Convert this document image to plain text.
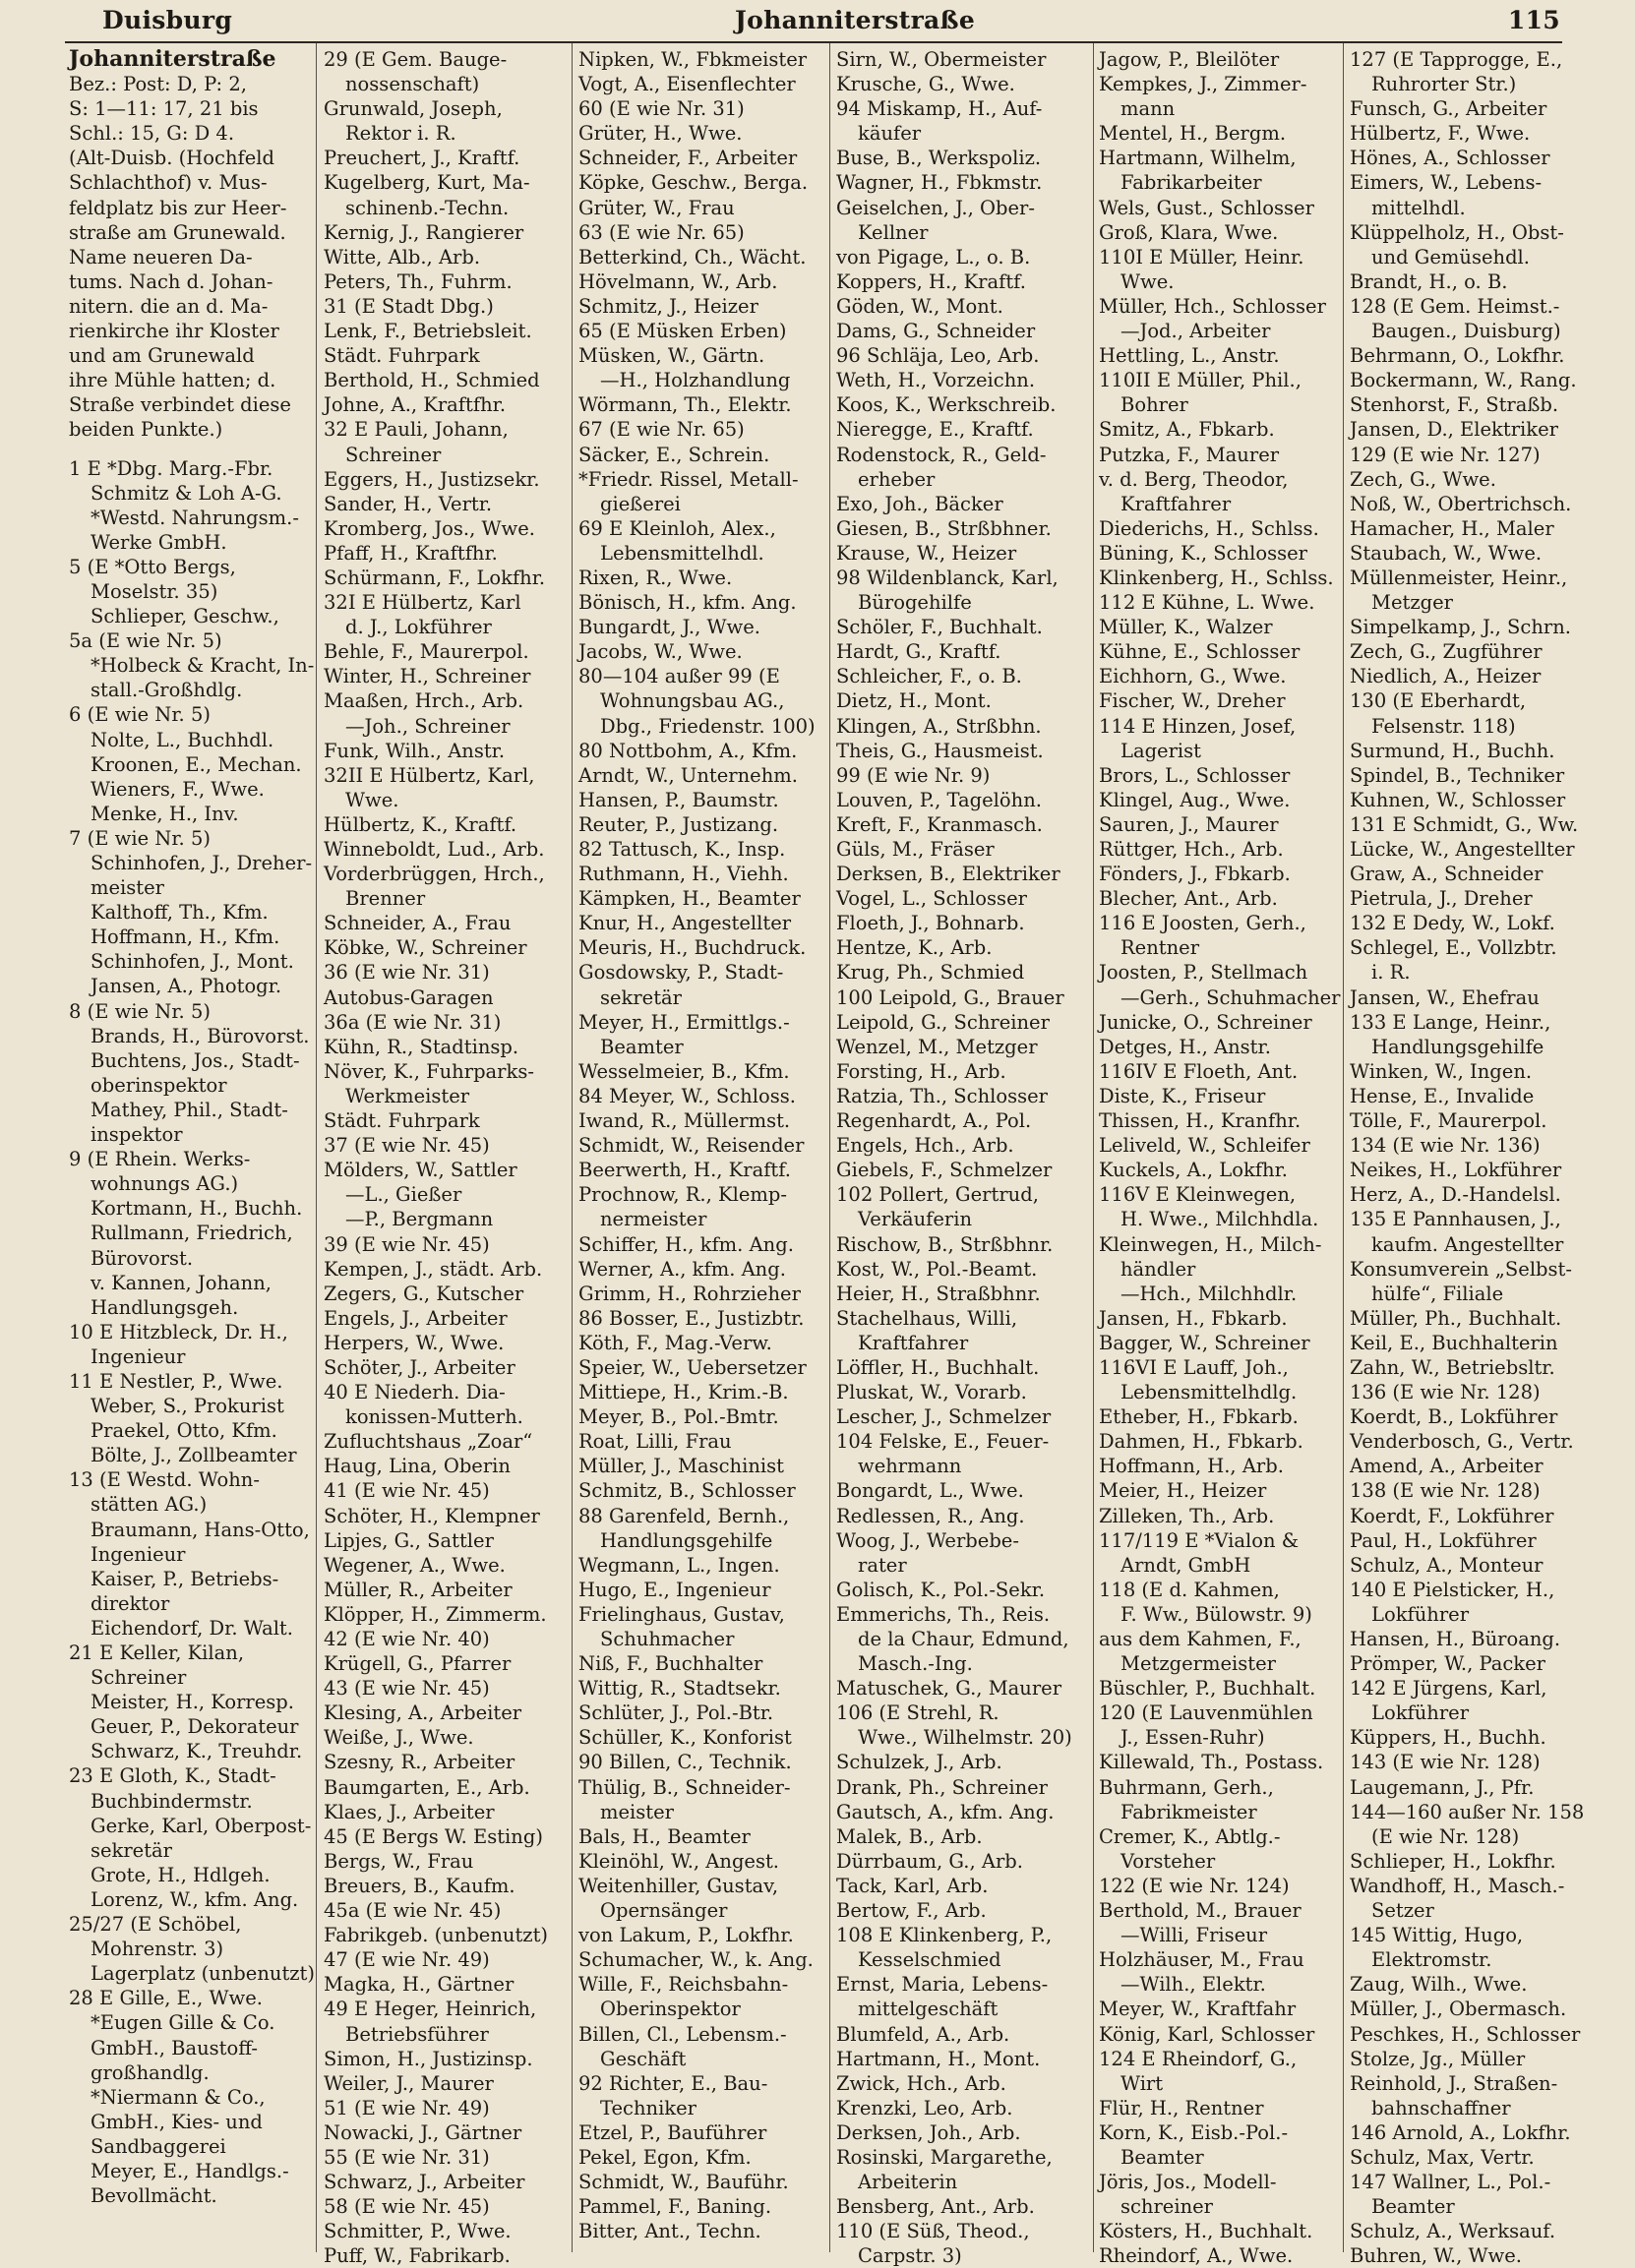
Duisburg	Johanniterstraße	115
Johanniterstraße
Bez.: Post: D, P: 2,
S: 1—11: 17, 21 bis
Schl.: 15, G: D 4.
(Alt-Duisb. (Hochfeld
Schlachthof) v. Mus-
feldplatz bis zur Heer-
straße am Grunewald.
Name neueren Da-
tums. Nach d. Johan-
nitern. die an d. Ma-
rienkirche ihr Kloster
und am Grunewald
ihre Mühle hatten; d.
Straße verbindet diese
beiden Punkte.)
1 E *Dbg. Marg.-Fbr.
Schmitz & Loh A-G.
*Westd. Nahrungsm.-
Werke GmbH.
5 (E *Otto Bergs,
Moselstr. 35)
Schlieper, Geschw.,
5a (E wie Nr. 5)
*Holbeck & Kracht, In-
stall.-Großhdlg.
6 (E wie Nr. 5)
Nolte, L., Buchhdl.
Kroonen, E., Mechan.
Wieners, F., Wwe.
Menke, H., Inv.
7 (E wie Nr. 5)
Schinhofen, J., Dreher-
meister
Kalthoff, Th., Kfm.
Hoffmann, H., Kfm.
Schinhofen, J., Mont.
Jansen, A., Photogr.
8 (E wie Nr. 5)
Brands, H., Bürovorst.
Buchtens, Jos., Stadt-
oberinspektor
Mathey, Phil., Stadt-
inspektor
9 (E Rhein. Werks-
wohnungs AG.)
Kortmann, H., Buchh.
Rullmann, Friedrich,
Bürovorst.
v. Kannen, Johann,
Handlungsgeh.
10 E Hitzbleck, Dr. H.,
Ingenieur
11 E Nestler, P., Wwe.
Weber, S., Prokurist
Praekel, Otto, Kfm.
Bölte, J., Zollbeamter
13 (E Westd. Wohn-
stätten AG.)
Braumann, Hans-Otto,
Ingenieur
Kaiser, P., Betriebs-
direktor
Eichendorf, Dr. Walt.
21 E Keller, Kilan,
Schreiner
Meister, H., Korresp.
Geuer, P., Dekorateur
Schwarz, K., Treuhdr.
23 E Gloth, K., Stadt-
Buchbindermstr.
Gerke, Karl, Oberpost-
sekretär
Grote, H., Hdlgeh.
Lorenz, W., kfm. Ang.
25/27 (E Schöbel,
Mohrenstr. 3)
Lagerplatz (unbenutzt)
28 E Gille, E., Wwe.
*Eugen Gille & Co.
GmbH., Baustoff-
großhandlg.
*Niermann & Co.,
GmbH., Kies- und
Sandbaggerei
Meyer, E., Handlgs.-
Bevollmächt.
29 (E Gem. Bauge-
nossenschaft)
Grunwald, Joseph,
Rektor i. R.
Preuchert, J., Kraftf.
Kugelberg, Kurt, Ma-
schinenb.-Techn.
Kernig, J., Rangierer
Witte, Alb., Arb.
Peters, Th., Fuhrm.
31 (E Stadt Dbg.)
Lenk, F., Betriebsleit.
Städt. Fuhrpark
Berthold, H., Schmied
Johne, A., Kraftfhr.
32 E Pauli, Johann,
Schreiner
Eggers, H., Justizsekr.
Sander, H., Vertr.
Kromberg, Jos., Wwe.
Pfaff, H., Kraftfhr.
Schürmann, F., Lokfhr.
32I E Hülbertz, Karl
d. J., Lokführer
Behle, F., Maurerpol.
Winter, H., Schreiner
Maaßen, Hrch., Arb.
—Joh., Schreiner
Funk, Wilh., Anstr.
32II E Hülbertz, Karl,
Wwe.
Hülbertz, K., Kraftf.
Winneboldt, Lud., Arb.
Vorderbrüggen, Hrch.,
Brenner
Schneider, A., Frau
Köbke, W., Schreiner
36 (E wie Nr. 31)
Autobus-Garagen
36a (E wie Nr. 31)
Kühn, R., Stadtinsp.
Növer, K., Fuhrparks-
Werkmeister
Städt. Fuhrpark
37 (E wie Nr. 45)
Mölders, W., Sattler
—L., Gießer
—P., Bergmann
39 (E wie Nr. 45)
Kempen, J., städt. Arb.
Zegers, G., Kutscher
Engels, J., Arbeiter
Herpers, W., Wwe.
Schöter, J., Arbeiter
40 E Niederh. Dia-
konissen-Mutterh.
Zufluchtshaus „Zoar“
Haug, Lina, Oberin
41 (E wie Nr. 45)
Schöter, H., Klempner
Lipjes, G., Sattler
Wegener, A., Wwe.
Müller, R., Arbeiter
Klöpper, H., Zimmerm.
42 (E wie Nr. 40)
Krügell, G., Pfarrer
43 (E wie Nr. 45)
Klesing, A., Arbeiter
Weiße, J., Wwe.
Szesny, R., Arbeiter
Baumgarten, E., Arb.
Klaes, J., Arbeiter
45 (E Bergs W. Esting)
Bergs, W., Frau
Breuers, B., Kaufm.
45a (E wie Nr. 45)
Fabrikgeb. (unbenutzt)
47 (E wie Nr. 49)
Magka, H., Gärtner
49 E Heger, Heinrich,
Betriebsführer
Simon, H., Justizinsp.
Weiler, J., Maurer
51 (E wie Nr. 49)
Nowacki, J., Gärtner
55 (E wie Nr. 31)
Schwarz, J., Arbeiter
58 (E wie Nr. 45)
Schmitter, P., Wwe.
Puff, W., Fabrikarb.
Nipken, W., Fbkmeister
Vogt, A., Eisenflechter
60 (E wie Nr. 31)
Grüter, H., Wwe.
Schneider, F., Arbeiter
Köpke, Geschw., Bergа.
Grüter, W., Frau
63 (E wie Nr. 65)
Betterkind, Ch., Wächt.
Hövelmann, W., Arb.
Schmitz, J., Heizer
65 (E Müsken Erben)
Müsken, W., Gärtn.
—H., Holzhandlung
Wörmann, Th., Elektr.
67 (E wie Nr. 65)
Säcker, E., Schrein.
*Friedr. Rissel, Metall-
gießerei
69 E Kleinloh, Alex.,
Lebensmittelhdl.
Rixen, R., Wwe.
Bönisch, H., kfm. Ang.
Bungardt, J., Wwe.
Jacobs, W., Wwe.
80—104 außer 99 (E
Wohnungsbau AG.,
Dbg., Friedenstr. 100)
80 Nottbohm, A., Kfm.
Arndt, W., Unternehm.
Hansen, P., Baumstr.
Reuter, P., Justizang.
82 Tattusch, K., Insp.
Ruthmann, H., Viehh.
Kämpken, H., Beamter
Knur, H., Angestellter
Meuris, H., Buchdruck.
Gosdowsky, P., Stadt-
sekretär
Meyer, H., Ermittlgs.-
Beamter
Wesselmeier, B., Kfm.
84 Meyer, W., Schloss.
Iwand, R., Müllermst.
Schmidt, W., Reisender
Beerwerth, H., Kraftf.
Prochnow, R., Klemp-
nermeister
Schiffer, H., kfm. Ang.
Werner, A., kfm. Ang.
Grimm, H., Rohrzieher
86 Bosser, E., Justizbtr.
Köth, F., Mag.-Verw.
Speier, W., Uebersetzer
Mittiepe, H., Krim.-B.
Meyer, B., Pol.-Bmtr.
Roat, Lilli, Frau
Müller, J., Maschinist
Schmitz, B., Schlosser
88 Garenfeld, Bernh.,
Handlungsgehilfe
Wegmann, L., Ingen.
Hugo, E., Ingenieur
Frielinghaus, Gustav,
Schuhmacher
Niß, F., Buchhalter
Wittig, R., Stadtsekr.
Schlüter, J., Pol.-Btr.
Schüller, K., Konforist
90 Billen, C., Technik.
Thülig, B., Schneider-
meister
Bals, H., Beamter
Kleinöhl, W., Angest.
Weitenhiller, Gustav,
Opernsänger
von Lakum, P., Lokfhr.
Schumacher, W., k. Ang.
Wille, F., Reichsbahn-
Oberinspektor
Billen, Cl., Lebensm.-
Geschäft
92 Richter, E., Bau-
Techniker
Etzel, P., Bauführer
Pekel, Egon, Kfm.
Schmidt, W., Bauführ.
Pammel, F., Baning.
Bitter, Ant., Techn.
Sirn, W., Obermeister
Krusche, G., Wwe.
94 Miskamp, H., Auf-
käufer
Buse, B., Werkspoliz.
Wagner, H., Fbkmstr.
Geiselchen, J., Ober-
Kellner
von Pigage, L., o. B.
Koppers, H., Kraftf.
Göden, W., Mont.
Dams, G., Schneider
96 Schläja, Leo, Arb.
Weth, H., Vorzeichn.
Koos, K., Werkschreib.
Nieregge, E., Kraftf.
Rodenstock, R., Geld-
erheber
Exo, Joh., Bäcker
Giesen, B., Strßbhner.
Krause, W., Heizer
98 Wildenblanck, Karl,
Bürogehilfe
Schöler, F., Buchhalt.
Hardt, G., Kraftf.
Schleicher, F., o. B.
Dietz, H., Mont.
Klingen, A., Strßbhn.
Theis, G., Hausmeist.
99 (E wie Nr. 9)
Louven, P., Tagelöhn.
Kreft, F., Kranmasch.
Güls, M., Fräser
Derksen, B., Elektriker
Vogel, L., Schlosser
Floeth, J., Bohnarb.
Hentze, K., Arb.
Krug, Ph., Schmied
100 Leipold, G., Brauer
Leipold, G., Schreiner
Wenzel, M., Metzger
Forsting, H., Arb.
Ratzia, Th., Schlosser
Regenhardt, A., Pol.
Engels, Hch., Arb.
Giebels, F., Schmelzer
102 Pollert, Gertrud,
Verkäuferin
Rischow, B., Strßbhnr.
Kost, W., Pol.-Beamt.
Heier, H., Straßbhnr.
Stachelhaus, Willi,
Kraftfahrer
Löffler, H., Buchhalt.
Pluskat, W., Vorarb.
Lescher, J., Schmelzer
104 Felske, E., Feuer-
wehrmann
Bongardt, L., Wwe.
Redlessen, R., Ang.
Woog, J., Werbebe-
rater
Golisch, K., Pol.-Sekr.
Emmerichs, Th., Reis.
de la Chaur, Edmund,
Masch.-Ing.
Matuschek, G., Maurer
106 (E Strehl, R.
Wwe., Wilhelmstr. 20)
Schulzek, J., Arb.
Drank, Ph., Schreiner
Gautsch, A., kfm. Ang.
Malek, B., Arb.
Dürrbaum, G., Arb.
Tack, Karl, Arb.
Bertow, F., Arb.
108 E Klinkenberg, P.,
Kesselschmied
Ernst, Maria, Lebens-
mittelgeschäft
Blumfeld, A., Arb.
Hartmann, H., Mont.
Zwick, Hch., Arb.
Krenzki, Leo, Arb.
Derksen, Joh., Arb.
Rosinski, Margarethe,
Arbeiterin
Bensberg, Ant., Arb.
110 (E Süß, Theod.,
Carpstr. 3)
Jagow, P., Bleilöter
Kempkes, J., Zimmer-
mann
Mentel, H., Bergm.
Hartmann, Wilhelm,
Fabrikarbeiter
Wels, Gust., Schlosser
Groß, Klara, Wwe.
110I E Müller, Heinr.
Wwe.
Müller, Hch., Schlosser
—Jod., Arbeiter
Hettling, L., Anstr.
110II E Müller, Phil.,
Bohrer
Smitz, A., Fbkarb.
Putzka, F., Maurer
v. d. Berg, Theodor,
Kraftfahrer
Diederichs, H., Schlss.
Büning, K., Schlosser
Klinkenberg, H., Schlss.
112 E Kühne, L. Wwe.
Müller, K., Walzer
Kühne, E., Schlosser
Eichhorn, G., Wwe.
Fischer, W., Dreher
114 E Hinzen, Josef,
Lagerist
Brors, L., Schlosser
Klingel, Aug., Wwe.
Sauren, J., Maurer
Rüttger, Hch., Arb.
Fönders, J., Fbkarb.
Blecher, Ant., Arb.
116 E Joosten, Gerh.,
Rentner
Joosten, P., Stellmach
—Gerh., Schuhmacher
Junicke, O., Schreiner
Detges, H., Anstr.
116IV E Floeth, Ant.
Diste, K., Friseur
Thissen, H., Kranfhr.
Leliveld, W., Schleifer
Kuckels, A., Lokfhr.
116V E Kleinwegen,
H. Wwe., Milchhdla.
Kleinwegen, H., Milch-
händler
—Hch., Milchhdlr.
Jansen, H., Fbkarb.
Bagger, W., Schreiner
116VI E Lauff, Joh.,
Lebensmittelhdlg.
Etheber, H., Fbkarb.
Dahmen, H., Fbkarb.
Hoffmann, H., Arb.
Meier, H., Heizer
Zilleken, Th., Arb.
117/119 E *Vialon &
Arndt, GmbH
118 (E d. Kahmen,
F. Ww., Bülowstr. 9)
aus dem Kahmen, F.,
Metzgermeister
Büschler, P., Buchhalt.
120 (E Lauvenmühlen
J., Essen-Ruhr)
Killewald, Th., Postass.
Buhrmann, Gerh.,
Fabrikmeister
Cremer, K., Abtlg.-
Vorsteher
122 (E wie Nr. 124)
Berthold, M., Brauer
—Willi, Friseur
Holzhäuser, M., Frau
—Wilh., Elektr.
Meyer, W., Kraftfahr
König, Karl, Schlosser
124 E Rheindorf, G.,
Wirt
Flür, H., Rentner
Korn, K., Eisb.-Pol.-
Beamter
Jöris, Jos., Modell-
schreiner
Kösters, H., Buchhalt.
Rheindorf, A., Wwe.
127 (E Tapprogge, E.,
Ruhrorter Str.)
Funsch, G., Arbeiter
Hülbertz, F., Wwe.
Hönes, A., Schlosser
Eimers, W., Lebens-
mittelhdl.
Klüppelholz, H., Obst-
und Gemüsehdl.
Brandt, H., o. B.
128 (E Gem. Heimst.-
Baugen., Duisburg)
Behrmann, O., Lokfhr.
Bockermann, W., Rang.
Stenhorst, F., Straßb.
Jansen, D., Elektriker
129 (E wie Nr. 127)
Zech, G., Wwe.
Noß, W., Obertrichsch.
Hamacher, H., Maler
Staubach, W., Wwe.
Müllenmeister, Heinr.,
Metzger
Simpelkamp, J., Schrn.
Zech, G., Zugführer
Niedlich, A., Heizer
130 (E Eberhardt,
Felsenstr. 118)
Surmund, H., Buchh.
Spindel, B., Techniker
Kuhnen, W., Schlosser
131 E Schmidt, G., Ww.
Lücke, W., Angestellter
Graw, A., Schneider
Pietrula, J., Dreher
132 E Dedy, W., Lokf.
Schlegel, E., Vollzbtr.
i. R.
Jansen, W., Ehefrau
133 E Lange, Heinr.,
Handlungsgehilfe
Winken, W., Ingen.
Hense, E., Invalide
Tölle, F., Maurerpol.
134 (E wie Nr. 136)
Neikes, H., Lokführer
Herz, A., D.-Handelsl.
135 E Pannhausen, J.,
kaufm. Angestellter
Konsumverein „Selbst-
hülfe“, Filiale
Müller, Ph., Buchhalt.
Keil, E., Buchhalterin
Zahn, W., Betriebsltr.
136 (E wie Nr. 128)
Koerdt, B., Lokführer
Venderbosch, G., Vertr.
Amend, A., Arbeiter
138 (E wie Nr. 128)
Koerdt, F., Lokführer
Paul, H., Lokführer
Schulz, A., Monteur
140 E Pielsticker, H.,
Lokführer
Hansen, H., Büroang.
Prömper, W., Packer
142 E Jürgens, Karl,
Lokführer
Küppers, H., Buchh.
143 (E wie Nr. 128)
Laugemann, J., Pfr.
144—160 außer Nr. 158
(E wie Nr. 128)
Schlieper, H., Lokfhr.
Wandhoff, H., Masch.-
Setzer
145 Wittig, Hugo,
Elektromstr.
Zaug, Wilh., Wwe.
Müller, J., Obermasch.
Peschkes, H., Schlosser
Stolze, Jg., Müller
Reinhold, J., Straßen-
bahnschaffner
146 Arnold, A., Lokfhr.
Schulz, Max, Vertr.
147 Wallner, L., Pol.-
Beamter
Schulz, A., Werksauf.
Buhren, W., Wwe.
